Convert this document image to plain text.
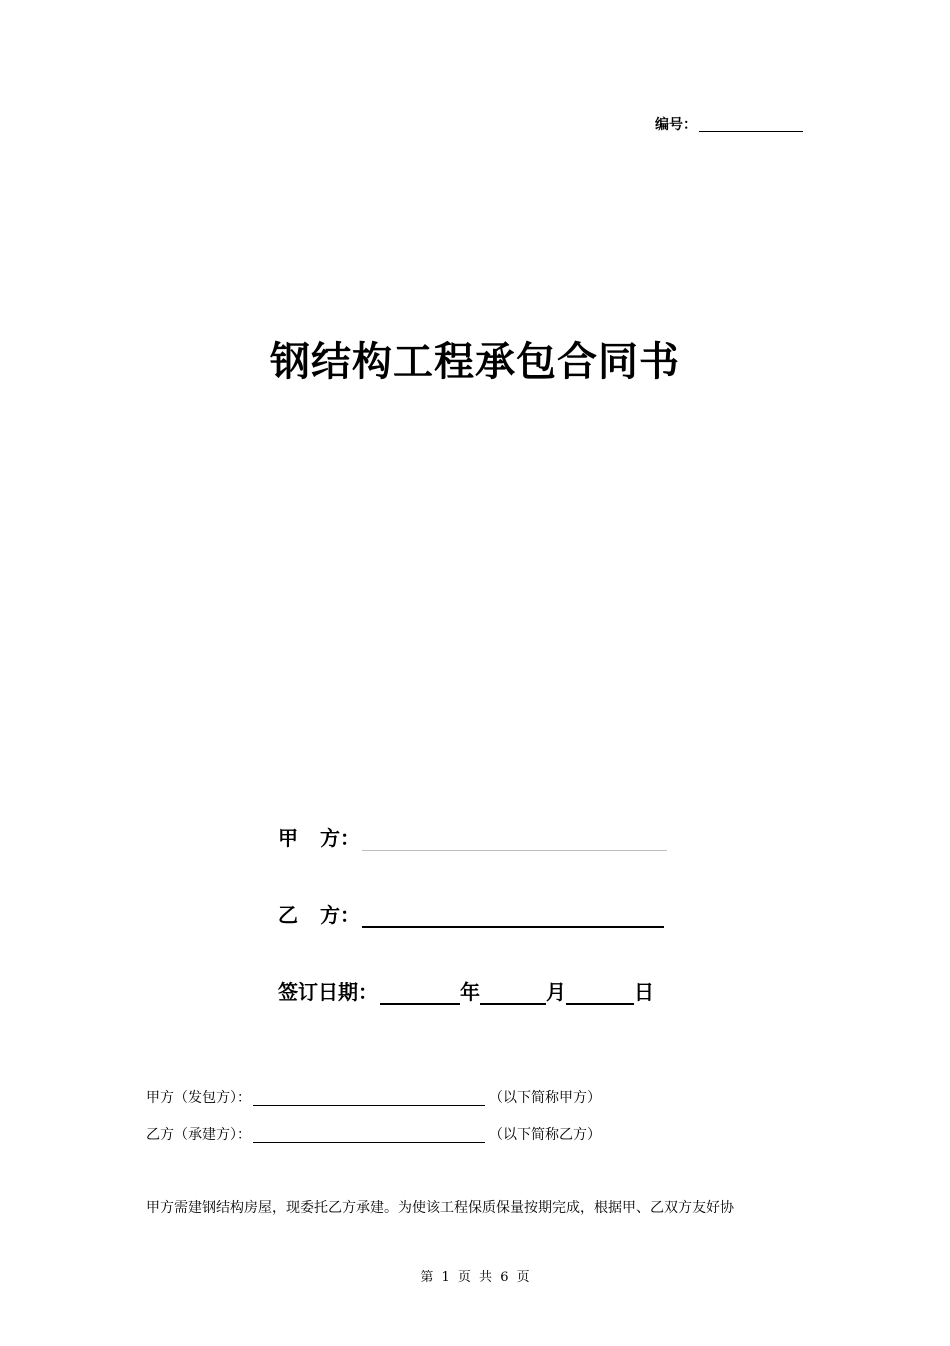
编号：
钢结构工程承包合同书
甲 方：
乙 方：
签订日期：	年	月	日
甲方（发包方）：	（以下简称甲方）
乙方（承建方）：	（以下简称乙方）
甲方需建钢结构房屋，现委托乙方承建。为使该工程保质保量按期完成，根据甲、乙双方友好协
第 1 页 共 6 页
